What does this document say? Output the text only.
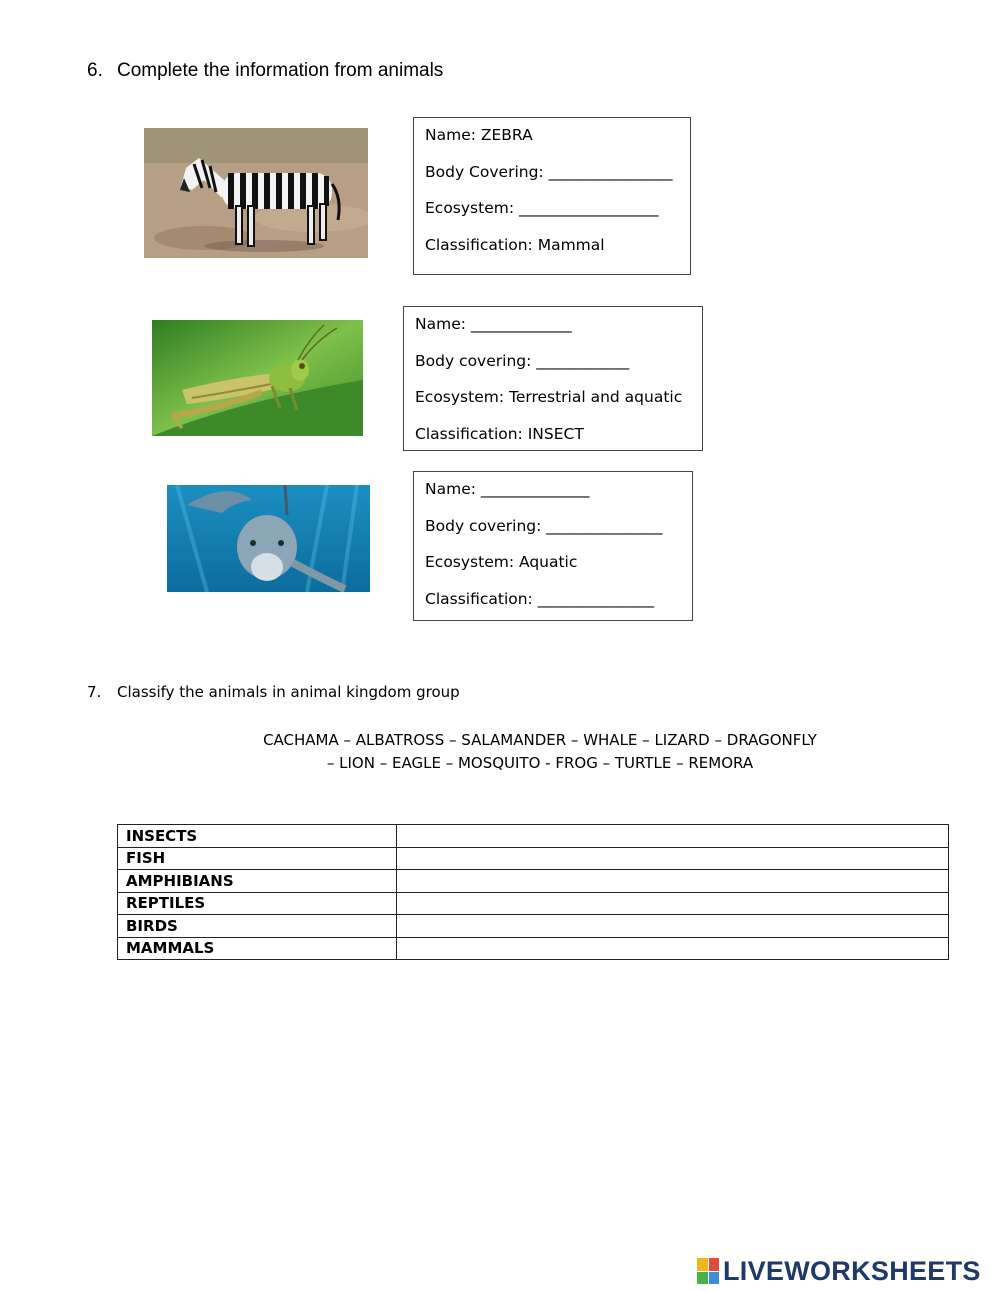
6. Complete the information from animals
Name: ZEBRA
Body Covering: ________________
Ecosystem: __________________
Classification: Mammal
Name: _____________
Body covering: ____________
Ecosystem: Terrestrial and aquatic
Classification: INSECT
Name: ______________
Body covering: _______________
Ecosystem: Aquatic
Classification: _______________
7. Classify the animals in animal kingdom group
CACHAMA – ALBATROSS – SALAMANDER – WHALE – LIZARD – DRAGONFLY
– LION – EAGLE – MOSQUITO - FROG – TURTLE – REMORA
INSECTS	
FISH	
AMPHIBIANS	
REPTILES	
BIRDS	
MAMMALS	
LIVEWORKSHEETS
